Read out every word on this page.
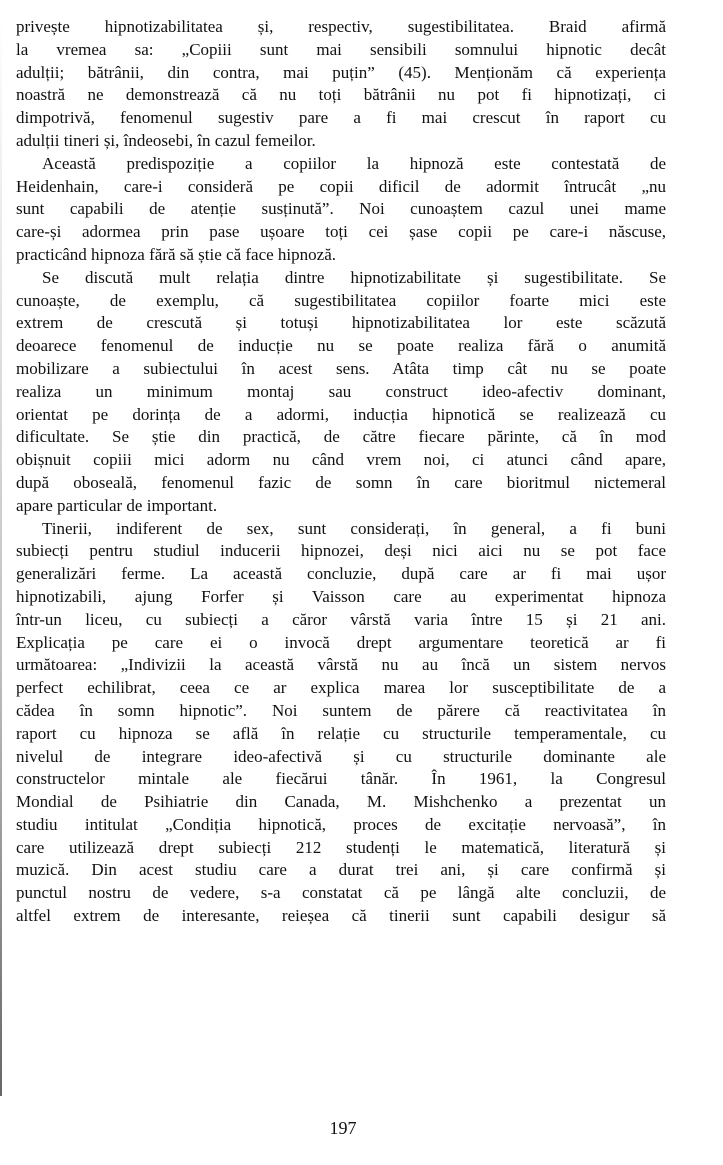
privește hipnotizabilitatea și, respectiv, sugestibilitatea. Braid afirmă
la vremea sa: „Copiii sunt mai sensibili somnului hipnotic decât
adulții; bătrânii, din contra, mai puțin” (45). Menționăm că experiența
noastră ne demonstrează că nu toți bătrânii nu pot fi hipnotizați, ci
dimpotrivă, fenomenul sugestiv pare a fi mai crescut în raport cu
adulții tineri și, îndeosebi, în cazul femeilor.

Această predispoziție a copiilor la hipnoză este contestată de
Heidenhain, care-i consideră pe copii dificil de adormit întrucât „nu
sunt capabili de atenție susținută”. Noi cunoaștem cazul unei mame
care-și adormea prin pase ușoare toți cei șase copii pe care-i născuse,
practicând hipnoza fără să știe că face hipnoză.

Se discută mult relația dintre hipnotizabilitate și sugestibilitate. Se
cunoaște, de exemplu, că sugestibilitatea copiilor foarte mici este
extrem de crescută și totuși hipnotizabilitatea lor este scăzută
deoarece fenomenul de inducție nu se poate realiza fără o anumită
mobilizare a subiectului în acest sens. Atâta timp cât nu se poate
realiza un minimum montaj sau construct ideo-afectiv dominant,
orientat pe dorința de a adormi, inducția hipnotică se realizează cu
dificultate. Se știe din practică, de către fiecare părinte, că în mod
obișnuit copiii mici adorm nu când vrem noi, ci atunci când apare,
după oboseală, fenomenul fazic de somn în care bioritmul nictemeral
apare particular de important.

Tinerii, indiferent de sex, sunt considerați, în general, a fi buni
subiecți pentru studiul inducerii hipnozei, deși nici aici nu se pot face
generalizări ferme. La această concluzie, după care ar fi mai ușor
hipnotizabili, ajung Forfer și Vaisson care au experimentat hipnoza
într-un liceu, cu subiecți a căror vârstă varia între 15 și 21 ani.
Explicația pe care ei o invocă drept argumentare teoretică ar fi
următoarea: „Indivizii la această vârstă nu au încă un sistem nervos
perfect echilibrat, ceea ce ar explica marea lor susceptibilitate de a
cădea în somn hipnotic”. Noi suntem de părere că reactivitatea în
raport cu hipnoza se află în relație cu structurile temperamentale, cu
nivelul de integrare ideo-afectivă și cu structurile dominante ale
constructelor mintale ale fiecărui tânăr. În 1961, la Congresul
Mondial de Psihiatrie din Canada, M. Mishchenko a prezentat un
studiu intitulat „Condiția hipnotică, proces de excitație nervoasă”, în
care utilizează drept subiecți 212 studenți le matematică, literatură și
muzică. Din acest studiu care a durat trei ani, și care confirmă și
punctul nostru de vedere, s-a constatat că pe lângă alte concluzii, de
altfel extrem de interesante, reieșea că tinerii sunt capabili desigur să

197
